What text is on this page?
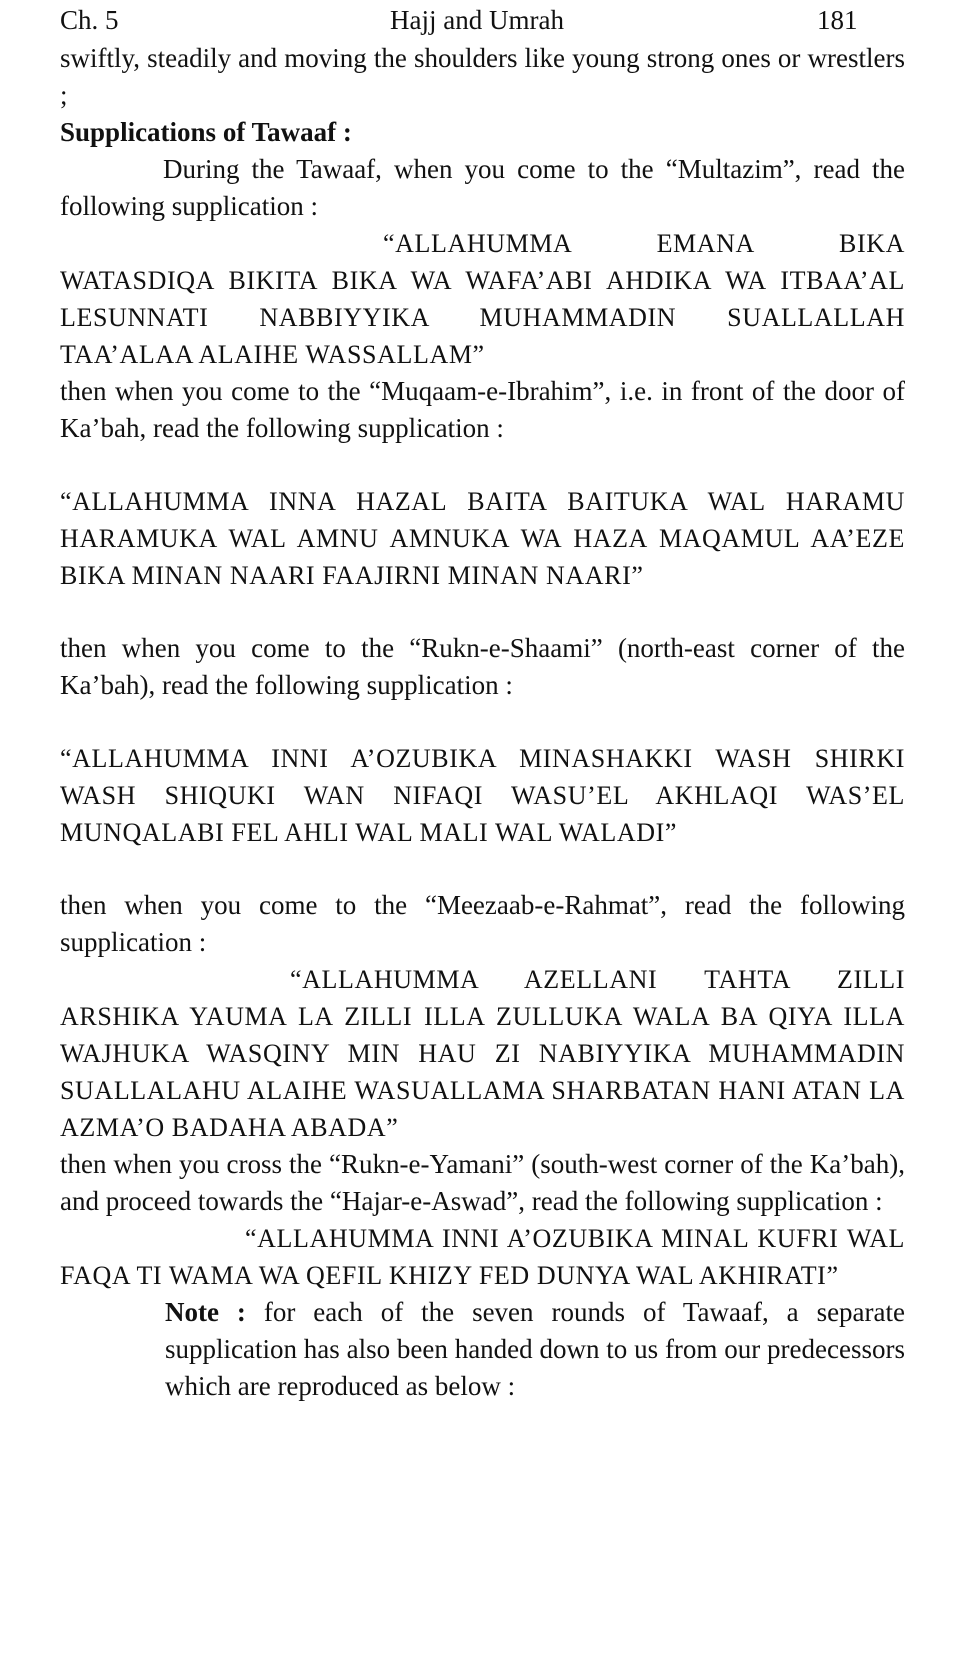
Ch. 5	Hajj and Umrah	181

swiftly, steadily and moving the shoulders like young strong ones or wrestlers ;

Supplications of Tawaaf :

During the Tawaaf, when you come to the “Multazim”, read the following supplication :

“ALLAHUMMA EMANA BIKA WATASDIQA BIKITA BIKA WA WAFA’ABI AHDIKA WA ITBAA’AL LESUNNATI NABBIYYIKA MUHAMMADIN SUALLALLAH TAA’ALAA ALAIHE WASSALLAM”

then when you come to the “Muqaam-e-Ibrahim”, i.e. in front of the door of Ka’bah, read the following supplication :

“ALLAHUMMA INNA HAZAL BAITA BAITUKA WAL HARAMU HARAMUKA WAL AMNU AMNUKA WA HAZA MAQAMUL AA’EZE BIKA MINAN NAARI FAAJIRNI MINAN NAARI”

then when you come to the “Rukn-e-Shaami” (north-east corner of the Ka’bah), read the following supplication :

“ALLAHUMMA INNI A’OZUBIKA MINASHAKKI WASH SHIRKI WASH SHIQUKI WAN NIFAQI WASU’EL AKHLAQI WAS’EL MUNQALABI FEL AHLI WAL MALI WAL WALADI”

then when you come to the “Meezaab-e-Rahmat”, read the following supplication :

“ALLAHUMMA AZELLANI TAHTA ZILLI ARSHIKA YAUMA LA ZILLI ILLA ZULLUKA WALA BA QIYA ILLA WAJHUKA WASQINY MIN HAU ZI NABIYYIKA MUHAMMADIN SUALLALAHU ALAIHE WASUALLAMA SHARBATAN HANI ATAN LA AZMA’O BADAHA ABADA”

then when you cross the “Rukn-e-Yamani” (south-west corner of the Ka’bah), and proceed towards the “Hajar-e-Aswad”, read the following supplication :

“ALLAHUMMA INNI A’OZUBIKA MINAL KUFRI WAL FAQA TI WAMA WA QEFIL KHIZY FED DUNYA WAL AKHIRATI”

Note : for each of the seven rounds of Tawaaf, a separate supplication has also been handed down to us from our predecessors which are reproduced as below :
